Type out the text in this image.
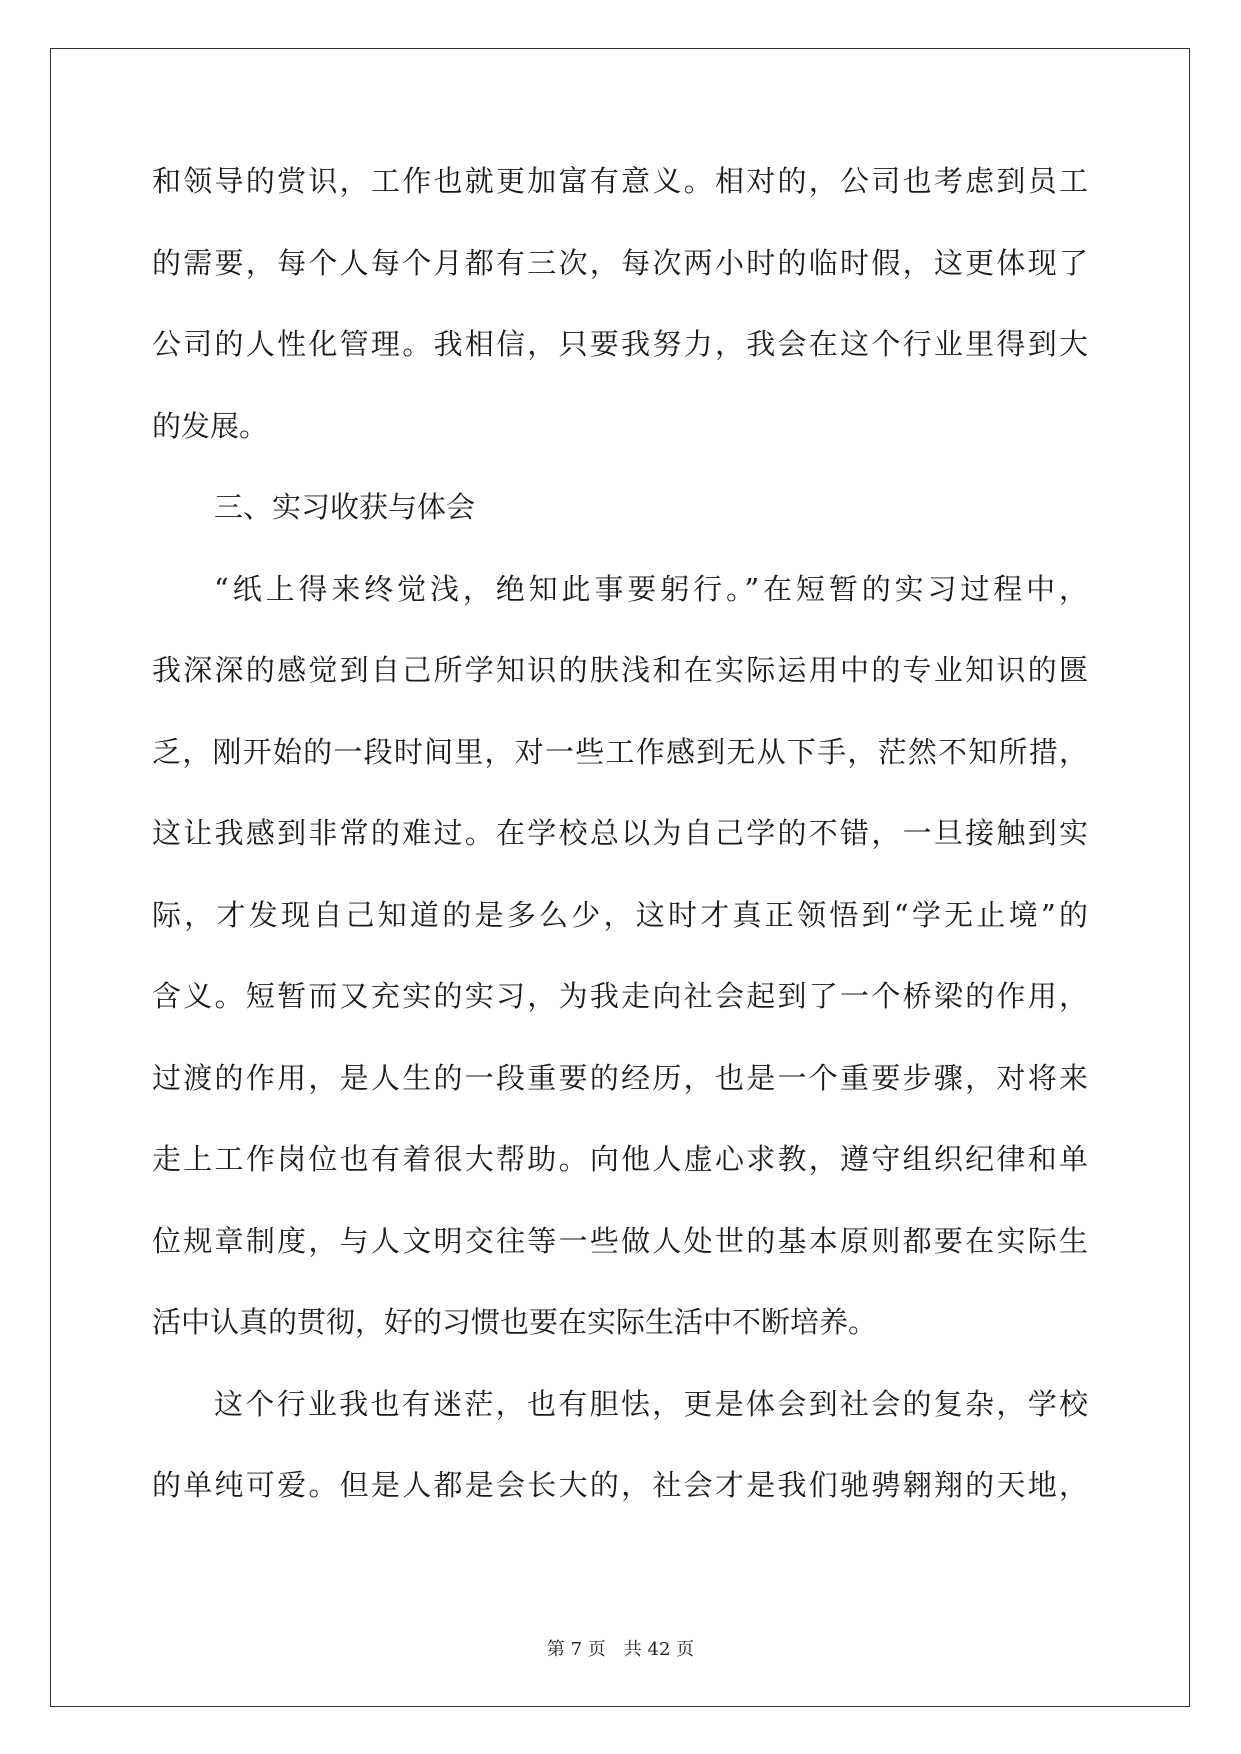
和领导的赏识，工作也就更加富有意义。相对的，公司也考虑到员工
的需要，每个人每个月都有三次，每次两小时的临时假，这更体现了
公司的人性化管理。我相信，只要我努力，我会在这个行业里得到大
的发展。
三、实习收获与体会
“纸上得来终觉浅，绝知此事要躬行。”在短暂的实习过程中，
我深深的感觉到自己所学知识的肤浅和在实际运用中的专业知识的匮
乏，刚开始的一段时间里，对一些工作感到无从下手，茫然不知所措，
这让我感到非常的难过。在学校总以为自己学的不错，一旦接触到实
际，才发现自己知道的是多么少，这时才真正领悟到“学无止境”的
含义。短暂而又充实的实习，为我走向社会起到了一个桥梁的作用，
过渡的作用，是人生的一段重要的经历，也是一个重要步骤，对将来
走上工作岗位也有着很大帮助。向他人虚心求教，遵守组织纪律和单
位规章制度，与人文明交往等一些做人处世的基本原则都要在实际生
活中认真的贯彻，好的习惯也要在实际生活中不断培养。
这个行业我也有迷茫，也有胆怯，更是体会到社会的复杂，学校
的单纯可爱。但是人都是会长大的，社会才是我们驰骋翱翔的天地，
第 7 页　共 42 页
